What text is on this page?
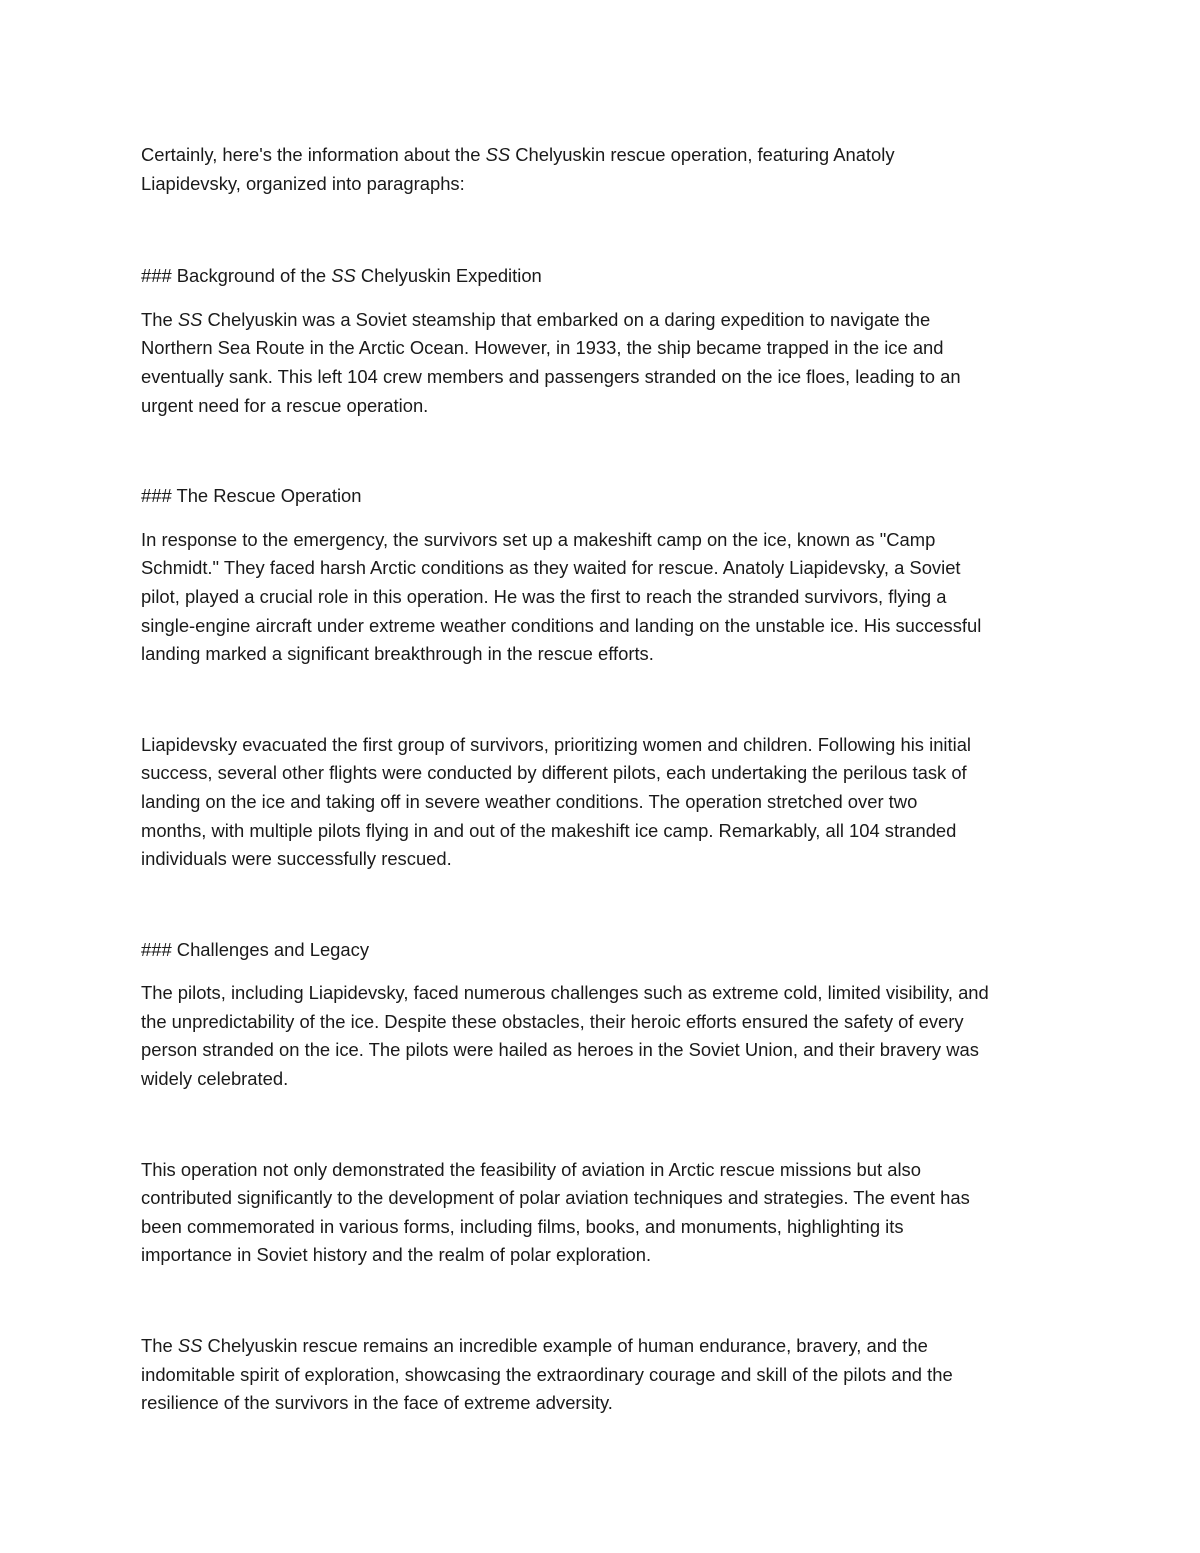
Certainly, here's the information about the SS Chelyuskin rescue operation, featuring Anatoly
Liapidevsky, organized into paragraphs:

### Background of the SS Chelyuskin Expedition

The SS Chelyuskin was a Soviet steamship that embarked on a daring expedition to navigate the
Northern Sea Route in the Arctic Ocean. However, in 1933, the ship became trapped in the ice and
eventually sank. This left 104 crew members and passengers stranded on the ice floes, leading to an
urgent need for a rescue operation.

### The Rescue Operation

In response to the emergency, the survivors set up a makeshift camp on the ice, known as "Camp
Schmidt." They faced harsh Arctic conditions as they waited for rescue. Anatoly Liapidevsky, a Soviet
pilot, played a crucial role in this operation. He was the first to reach the stranded survivors, flying a
single-engine aircraft under extreme weather conditions and landing on the unstable ice. His successful
landing marked a significant breakthrough in the rescue efforts.

Liapidevsky evacuated the first group of survivors, prioritizing women and children. Following his initial
success, several other flights were conducted by different pilots, each undertaking the perilous task of
landing on the ice and taking off in severe weather conditions. The operation stretched over two
months, with multiple pilots flying in and out of the makeshift ice camp. Remarkably, all 104 stranded
individuals were successfully rescued.

### Challenges and Legacy

The pilots, including Liapidevsky, faced numerous challenges such as extreme cold, limited visibility, and
the unpredictability of the ice. Despite these obstacles, their heroic efforts ensured the safety of every
person stranded on the ice. The pilots were hailed as heroes in the Soviet Union, and their bravery was
widely celebrated.

This operation not only demonstrated the feasibility of aviation in Arctic rescue missions but also
contributed significantly to the development of polar aviation techniques and strategies. The event has
been commemorated in various forms, including films, books, and monuments, highlighting its
importance in Soviet history and the realm of polar exploration.

The SS Chelyuskin rescue remains an incredible example of human endurance, bravery, and the
indomitable spirit of exploration, showcasing the extraordinary courage and skill of the pilots and the
resilience of the survivors in the face of extreme adversity.
